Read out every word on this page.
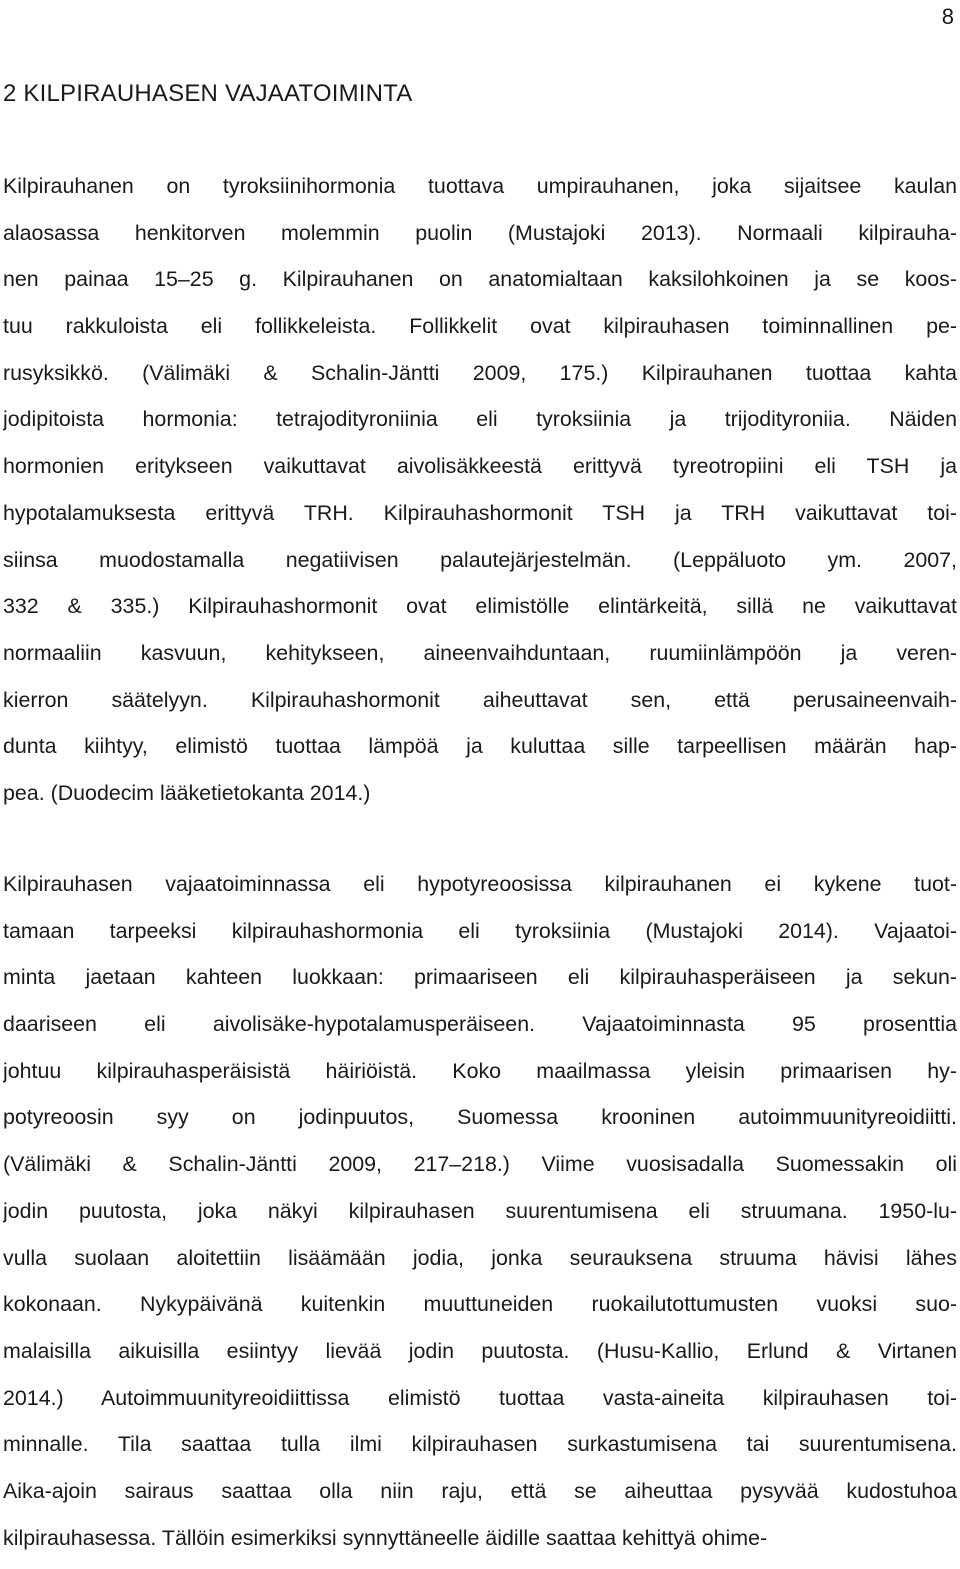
8
2 KILPIRAUHASEN VAJAATOIMINTA
Kilpirauhanen on tyroksiinihormonia tuottava umpirauhanen, joka sijaitsee kaulan
alaosassa henkitorven molemmin puolin (Mustajoki 2013). Normaali kilpirauha-
nen painaa 15–25 g. Kilpirauhanen on anatomialtaan kaksilohkoinen ja se koos-
tuu rakkuloista eli follikkeleista. Follikkelit ovat kilpirauhasen toiminnallinen pe-
rusyksikkö. (Välimäki & Schalin-Jäntti 2009, 175.) Kilpirauhanen tuottaa kahta
jodipitoista hormonia: tetrajodityroniinia eli tyroksiinia ja trijodityroniia. Näiden
hormonien eritykseen vaikuttavat aivolisäkkeestä erittyvä tyreotropiini eli TSH ja
hypotalamuksesta erittyvä TRH. Kilpirauhashormonit TSH ja TRH vaikuttavat toi-
siinsa muodostamalla negatiivisen palautejärjestelmän. (Leppäluoto ym. 2007,
332 & 335.) Kilpirauhashormonit ovat elimistölle elintärkeitä, sillä ne vaikuttavat
normaaliin kasvuun, kehitykseen, aineenvaihduntaan, ruumiinlämpöön ja veren-
kierron säätelyyn. Kilpirauhashormonit aiheuttavat sen, että perusaineenvaih-
dunta kiihtyy, elimistö tuottaa lämpöä ja kuluttaa sille tarpeellisen määrän hap-
pea. (Duodecim lääketietokanta 2014.)
Kilpirauhasen vajaatoiminnassa eli hypotyreoosissa kilpirauhanen ei kykene tuot-
tamaan tarpeeksi kilpirauhashormonia eli tyroksiinia (Mustajoki 2014). Vajaatoi-
minta jaetaan kahteen luokkaan: primaariseen eli kilpirauhasperäiseen ja sekun-
daariseen eli aivolisäke-hypotalamusperäiseen. Vajaatoiminnasta 95 prosenttia
johtuu kilpirauhasperäisistä häiriöistä. Koko maailmassa yleisin primaarisen hy-
potyreoosin syy on jodinpuutos, Suomessa krooninen autoimmuunityreoidiitti.
(Välimäki & Schalin-Jäntti 2009, 217–218.) Viime vuosisadalla Suomessakin oli
jodin puutosta, joka näkyi kilpirauhasen suurentumisena eli struumana. 1950-lu-
vulla suolaan aloitettiin lisäämään jodia, jonka seurauksena struuma hävisi lähes
kokonaan. Nykypäivänä kuitenkin muuttuneiden ruokailutottumusten vuoksi suo-
malaisilla aikuisilla esiintyy lievää jodin puutosta. (Husu-Kallio, Erlund & Virtanen
2014.) Autoimmuunityreoidiittissa elimistö tuottaa vasta-aineita kilpirauhasen toi-
minnalle. Tila saattaa tulla ilmi kilpirauhasen surkastumisena tai suurentumisena.
Aika-ajoin sairaus saattaa olla niin raju, että se aiheuttaa pysyvää kudostuhoa
kilpirauhasessa. Tällöin esimerkiksi synnyttäneelle äidille saattaa kehittyä ohime-
